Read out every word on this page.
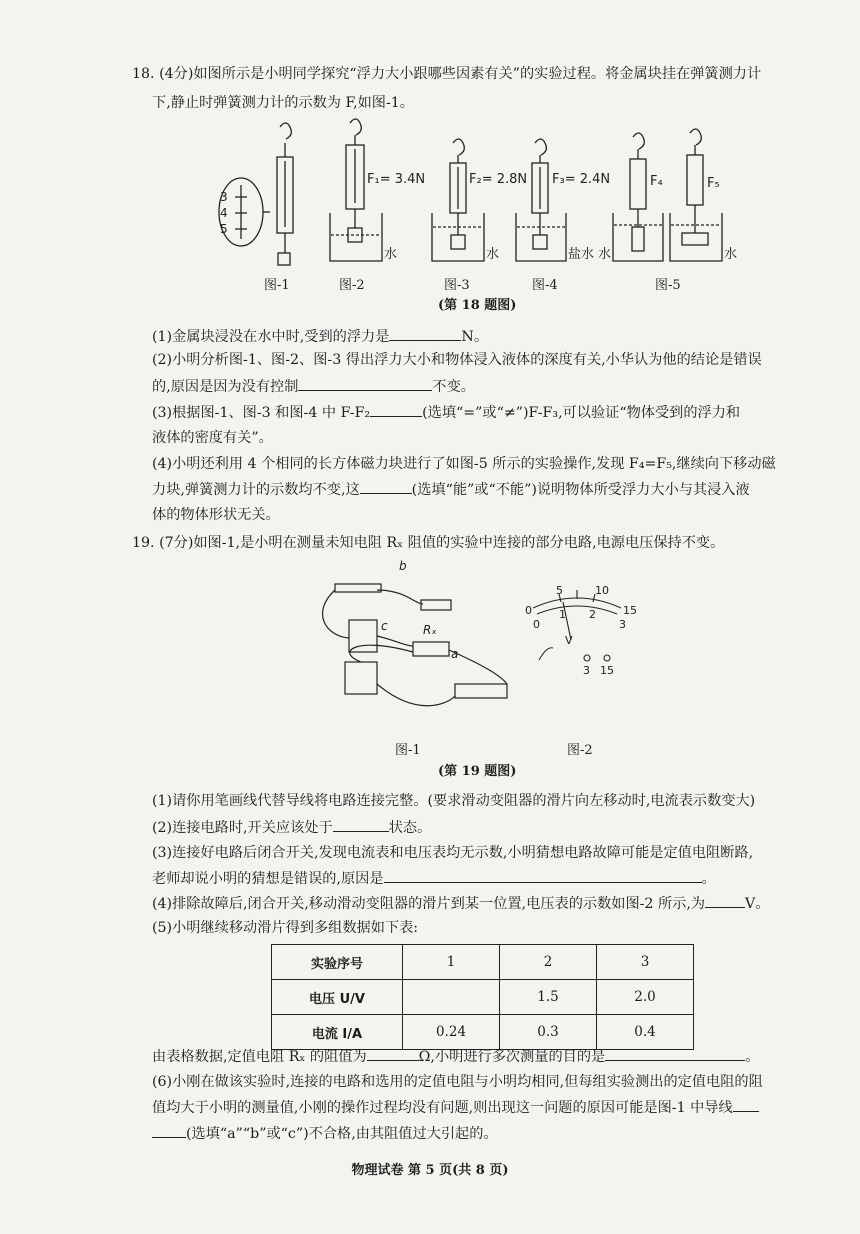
18. (4分)如图所示是小明同学探究“浮力大小跟哪些因素有关”的实验过程。将金属块挂在弹簧测力计
下,静止时弹簧测力计的示数为 F,如图-1。
3
4
5
F₁= 3.4N
水
F₂= 2.8N
水
F₃= 2.4N
盐水 水
F₄	F₅
水
图-1	图-2	图-3	图-4	图-5
(第 18 题图)
(1)金属块浸没在水中时,受到的浮力是	N。
(2)小明分析图-1、图-2、图-3 得出浮力大小和物体浸入液体的深度有关,小华认为他的结论是错误
的,原因是因为没有控制	不变。
(3)根据图-1、图-3 和图-4 中 F-F₂	(选填“=”或“≠”)F-F₃,可以验证“物体受到的浮力和
液体的密度有关”。
(4)小明还利用 4 个相同的长方体磁力块进行了如图-5 所示的实验操作,发现 F₄=F₅,继续向下移动磁
力块,弹簧测力计的示数均不变,这	(选填“能”或“不能”)说明物体所受浮力大小与其浸入液
体的物体形状无关。
19. (7分)如图-1,是小明在测量未知电阻 Rₓ 阻值的实验中连接的部分电路,电源电压保持不变。
b
c	Rₓ
a
0
5	10
15
0
1 2
3
V
3 15
图-1	图-2
(第 19 题图)
(1)请你用笔画线代替导线将电路连接完整。(要求滑动变阻器的滑片向左移动时,电流表示数变大)
(2)连接电路时,开关应该处于	状态。
(3)连接好电路后闭合开关,发现电流表和电压表均无示数,小明猜想电路故障可能是定值电阻断路,
老师却说小明的猜想是错误的,原因是	。
(4)排除故障后,闭合开关,移动滑动变阻器的滑片到某一位置,电压表的示数如图-2 所示,为	V。
(5)小明继续移动滑片得到多组数据如下表:
实验序号	1	2	3
电压 U/V		1.5	2.0
电流 I/A	0.24	0.3	0.4
由表格数据,定值电阻 Rₓ 的阻值为	Ω,小明进行多次测量的目的是	。
(6)小刚在做该实验时,连接的电路和选用的定值电阻与小明均相同,但每组实验测出的定值电阻的阻
值均大于小明的测量值,小刚的操作过程均没有问题,则出现这一问题的原因可能是图-1 中导线
(选填“a”“b”或“c”)不合格,由其阻值过大引起的。
物理试卷 第 5 页(共 8 页)
